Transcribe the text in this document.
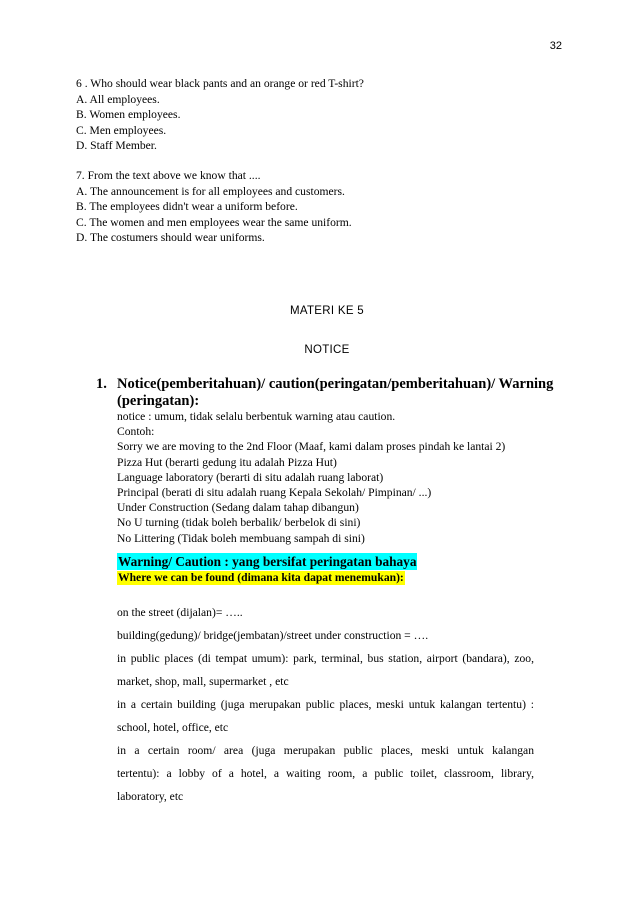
32
6 . Who should wear black pants and an orange or red T-shirt?
A. All employees.
B. Women employees.
C. Men employees.
D. Staff Member.
7. From the text above we know that ....
A. The announcement is for all employees and customers.
B. The employees didn't wear a uniform before.
C. The women and men employees wear the same uniform.
D. The costumers should wear uniforms.
MATERI KE 5
NOTICE
1. Notice(pemberitahuan)/ caution(peringatan/pemberitahuan)/ Warning (peringatan):
notice : umum, tidak selalu berbentuk warning atau caution.
Contoh:
Sorry we are moving to the 2nd Floor (Maaf, kami dalam proses pindah ke lantai 2)
Pizza Hut (berarti gedung itu adalah Pizza Hut)
Language laboratory (berarti di situ adalah ruang laborat)
Principal (berati di situ adalah ruang Kepala Sekolah/ Pimpinan/ ...)
Under Construction (Sedang dalam tahap dibangun)
No U turning (tidak boleh berbalik/ berbelok di sini)
No Littering (Tidak boleh membuang sampah di sini)
Warning/ Caution : yang bersifat peringatan bahaya
Where we can be found (dimana kita dapat menemukan):
on the street (dijalan)= …..
building(gedung)/ bridge(jembatan)/street under construction = ….
in public places (di tempat umum): park, terminal, bus station, airport (bandara), zoo,
market, shop, mall, supermarket , etc
in a certain building (juga merupakan public places, meski untuk kalangan tertentu) :
school, hotel, office, etc
in a certain room/ area (juga merupakan public places, meski untuk kalangan
tertentu): a lobby of a hotel, a waiting room, a public toilet, classroom, library,
laboratory, etc
